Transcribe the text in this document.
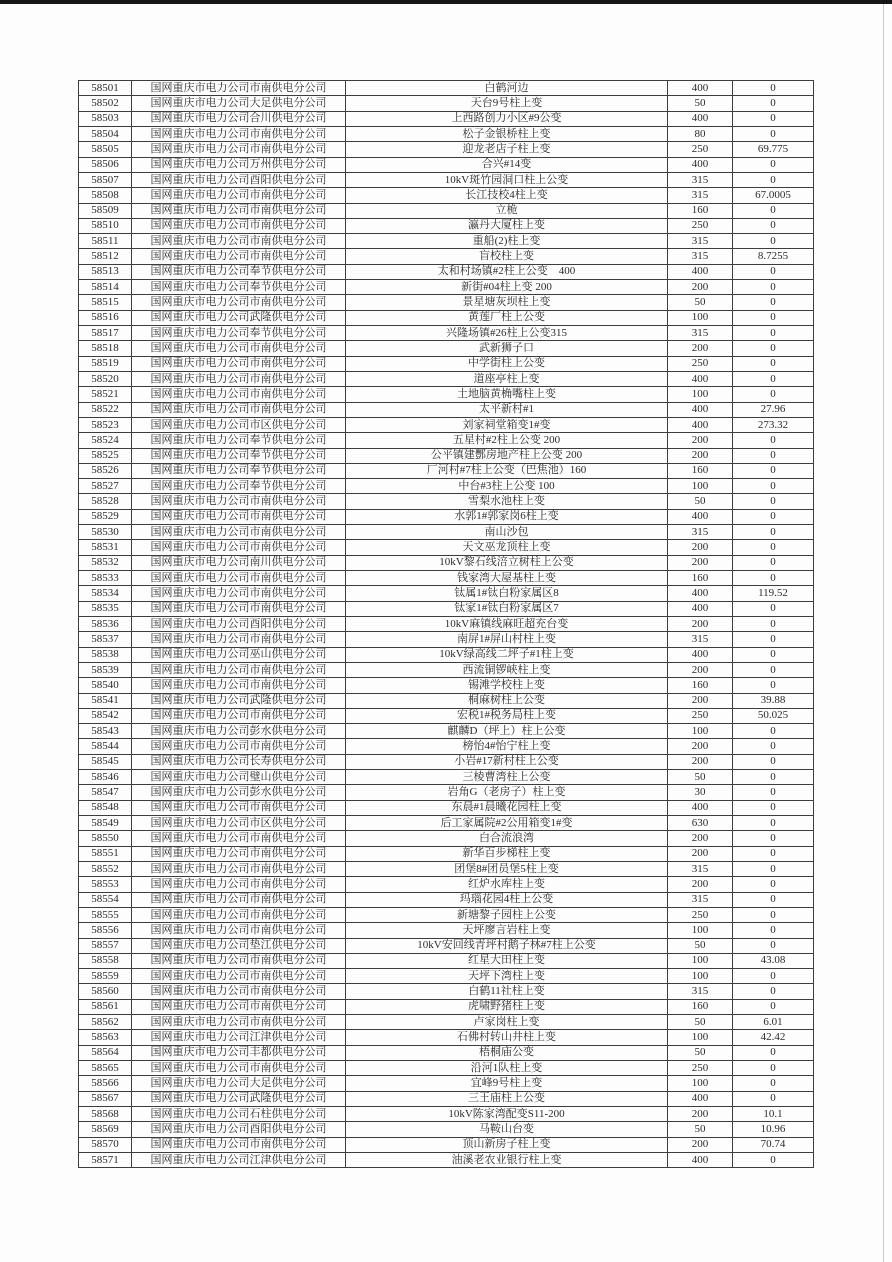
58501	国网重庆市电力公司市南供电分公司	白鹤河边	400	0
58502	国网重庆市电力公司大足供电分公司	天台9号柱上变	50	0
58503	国网重庆市电力公司合川供电分公司	上西路创力小区#9公变	400	0
58504	国网重庆市电力公司市南供电分公司	松子金银桥柱上变	80	0
58505	国网重庆市电力公司市南供电分公司	迎龙老店子柱上变	250	69.775
58506	国网重庆市电力公司万州供电分公司	合兴#14变	400	0
58507	国网重庆市电力公司酉阳供电分公司	10kV斑竹园洞口柱上公变	315	0
58508	国网重庆市电力公司市南供电分公司	长江技校4柱上变	315	67.0005
58509	国网重庆市电力公司市南供电分公司	立桅	160	0
58510	国网重庆市电力公司市南供电分公司	瀛丹大厦柱上变	250	0
58511	国网重庆市电力公司市南供电分公司	重船(2)柱上变	315	0
58512	国网重庆市电力公司市南供电分公司	盲校柱上变	315	8.7255
58513	国网重庆市电力公司奉节供电分公司	太和村场镇#2柱上公变　400	400	0
58514	国网重庆市电力公司奉节供电分公司	新街#04柱上变 200	200	0
58515	国网重庆市电力公司市南供电分公司	景星塘灰坝柱上变	50	0
58516	国网重庆市电力公司武隆供电分公司	黄莲厂柱上公变	100	0
58517	国网重庆市电力公司奉节供电分公司	兴隆场镇#26柱上公变315	315	0
58518	国网重庆市电力公司市南供电分公司	武新狮子口	200	0
58519	国网重庆市电力公司市南供电分公司	中学街柱上公变	250	0
58520	国网重庆市电力公司市南供电分公司	道座亭柱上变	400	0
58521	国网重庆市电力公司市南供电分公司	土地脑黄桷嘴柱上变	100	0
58522	国网重庆市电力公司市南供电分公司	太平新村#1	400	27.96
58523	国网重庆市电力公司市区供电分公司	刘家祠堂箱变1#变	400	273.32
58524	国网重庆市电力公司奉节供电分公司	五星村#2柱上公变 200	200	0
58525	国网重庆市电力公司奉节供电分公司	公平镇建酆房地产柱上公变 200	200	0
58526	国网重庆市电力公司奉节供电分公司	厂河村#7柱上公变（巴焦池）160	160	0
58527	国网重庆市电力公司奉节供电分公司	中台#3柱上公变 100	100	0
58528	国网重庆市电力公司市南供电分公司	雪梨水池柱上变	50	0
58529	国网重庆市电力公司市南供电分公司	水郭1#郭家岗6柱上变	400	0
58530	国网重庆市电力公司市南供电分公司	南山沙包	315	0
58531	国网重庆市电力公司市南供电分公司	天文巫龙顶柱上变	200	0
58532	国网重庆市电力公司南川供电分公司	10kV黎石线涪立树柱上公变	200	0
58533	国网重庆市电力公司市南供电分公司	钱家湾大屋基柱上变	160	0
58534	国网重庆市电力公司市南供电分公司	钛属1#钛白粉家属区8	400	119.52
58535	国网重庆市电力公司市南供电分公司	钛家1#钛白粉家属区7	400	0
58536	国网重庆市电力公司酉阳供电分公司	10kV麻镇线麻旺超充台变	200	0
58537	国网重庆市电力公司市南供电分公司	南屏1#屏山村柱上变	315	0
58538	国网重庆市电力公司巫山供电分公司	10kV绿高线二坪子#1柱上变	400	0
58539	国网重庆市电力公司市南供电分公司	西流铜锣峡柱上变	200	0
58540	国网重庆市电力公司市南供电分公司	锡滩学校柱上变	160	0
58541	国网重庆市电力公司武隆供电分公司	桐麻树柱上公变	200	39.88
58542	国网重庆市电力公司市南供电分公司	宏税1#税务局柱上变	250	50.025
58543	国网重庆市电力公司彭水供电分公司	麒麟D（坪上）柱上公变	100	0
58544	国网重庆市电力公司市南供电分公司	榜怡4#怡宁柱上变	200	0
58545	国网重庆市电力公司长寿供电分公司	小岩#17新村柱上公变	200	0
58546	国网重庆市电力公司璧山供电分公司	三棱曹湾柱上公变	50	0
58547	国网重庆市电力公司彭水供电分公司	岩角G（老房子）柱上变	30	0
58548	国网重庆市电力公司市南供电分公司	东晨#1晨曦花园柱上变	400	0
58549	国网重庆市电力公司市区供电分公司	后工家属院#2公用箱变1#变	630	0
58550	国网重庆市电力公司市南供电分公司	白合流浪湾	200	0
58551	国网重庆市电力公司市南供电分公司	新华百步梯柱上变	200	0
58552	国网重庆市电力公司市南供电分公司	团堡8#团员堡5柱上变	315	0
58553	国网重庆市电力公司市南供电分公司	红炉水库柱上变	200	0
58554	国网重庆市电力公司市南供电分公司	玛瑙花园4柱上公变	315	0
58555	国网重庆市电力公司市南供电分公司	新塘黎子园柱上公变	250	0
58556	国网重庆市电力公司市南供电分公司	天坪廖言岩柱上变	100	0
58557	国网重庆市电力公司垫江供电分公司	10kV安回线青坪村鹅子林#7柱上公变	50	0
58558	国网重庆市电力公司市南供电分公司	红星大田柱上变	100	43.08
58559	国网重庆市电力公司市南供电分公司	天坪下湾柱上变	100	0
58560	国网重庆市电力公司市南供电分公司	白鹤11社柱上变	315	0
58561	国网重庆市电力公司市南供电分公司	虎啸野猪柱上变	160	0
58562	国网重庆市电力公司市南供电分公司	卢家岗柱上变	50	6.01
58563	国网重庆市电力公司江津供电分公司	石佛村转山井柱上变	100	42.42
58564	国网重庆市电力公司丰都供电分公司	梧桐庙公变	50	0
58565	国网重庆市电力公司市南供电分公司	沿河1队柱上变	250	0
58566	国网重庆市电力公司大足供电分公司	宜峰9号柱上变	100	0
58567	国网重庆市电力公司武隆供电分公司	三王庙柱上公变	400	0
58568	国网重庆市电力公司石柱供电分公司	10kV陈家湾配变S11-200	200	10.1
58569	国网重庆市电力公司酉阳供电分公司	马鞍山台变	50	10.96
58570	国网重庆市电力公司市南供电分公司	顶山新房子柱上变	200	70.74
58571	国网重庆市电力公司江津供电分公司	油溪老农业银行柱上变	400	0
